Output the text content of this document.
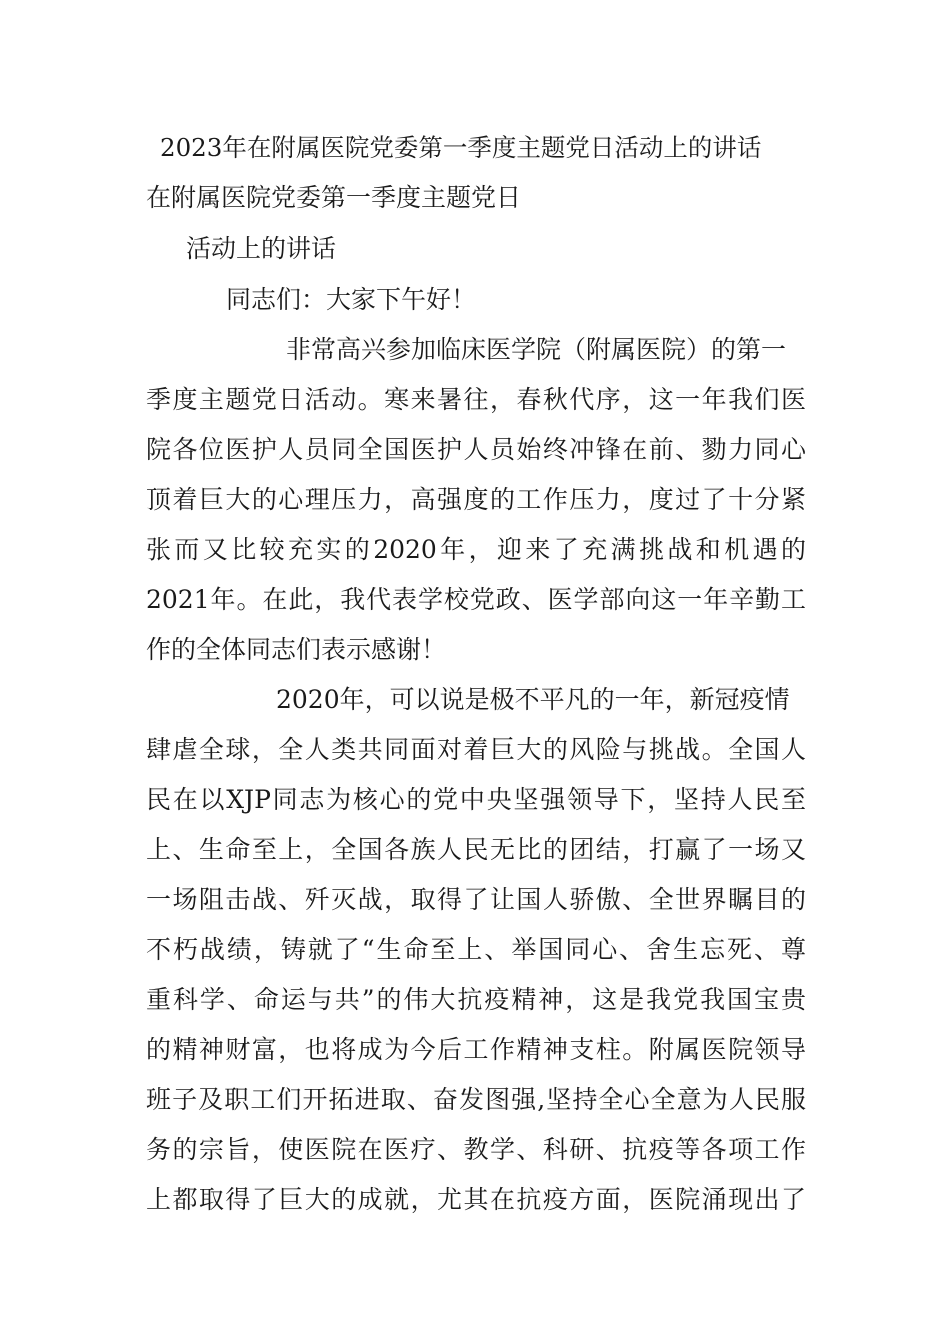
2023年在附属医院党委第一季度主题党日活动上的讲话

在附属医院党委第一季度主题党日

活动上的讲话

同志们：大家下午好！

非常高兴参加临床医学院（附属医院）的第一

季度主题党日活动。寒来暑往，春秋代序，这一年我们医

院各位医护人员同全国医护人员始终冲锋在前、勠力同心

顶着巨大的心理压力，高强度的工作压力，度过了十分紧

张而又比较充实的2020年，迎来了充满挑战和机遇的

2021年。在此，我代表学校党政、医学部向这一年辛勤工

作的全体同志们表示感谢！

2020年，可以说是极不平凡的一年，新冠疫情

肆虐全球，全人类共同面对着巨大的风险与挑战。全国人

民在以XJP同志为核心的党中央坚强领导下，坚持人民至

上、生命至上，全国各族人民无比的团结，打赢了一场又

一场阻击战、歼灭战，取得了让国人骄傲、全世界瞩目的

不朽战绩，铸就了“生命至上、举国同心、舍生忘死、尊

重科学、命运与共”的伟大抗疫精神，这是我党我国宝贵

的精神财富，也将成为今后工作精神支柱。附属医院领导

班子及职工们开拓进取、奋发图强,坚持全心全意为人民服

务的宗旨，使医院在医疗、教学、科研、抗疫等各项工作

上都取得了巨大的成就，尤其在抗疫方面，医院涌现出了
